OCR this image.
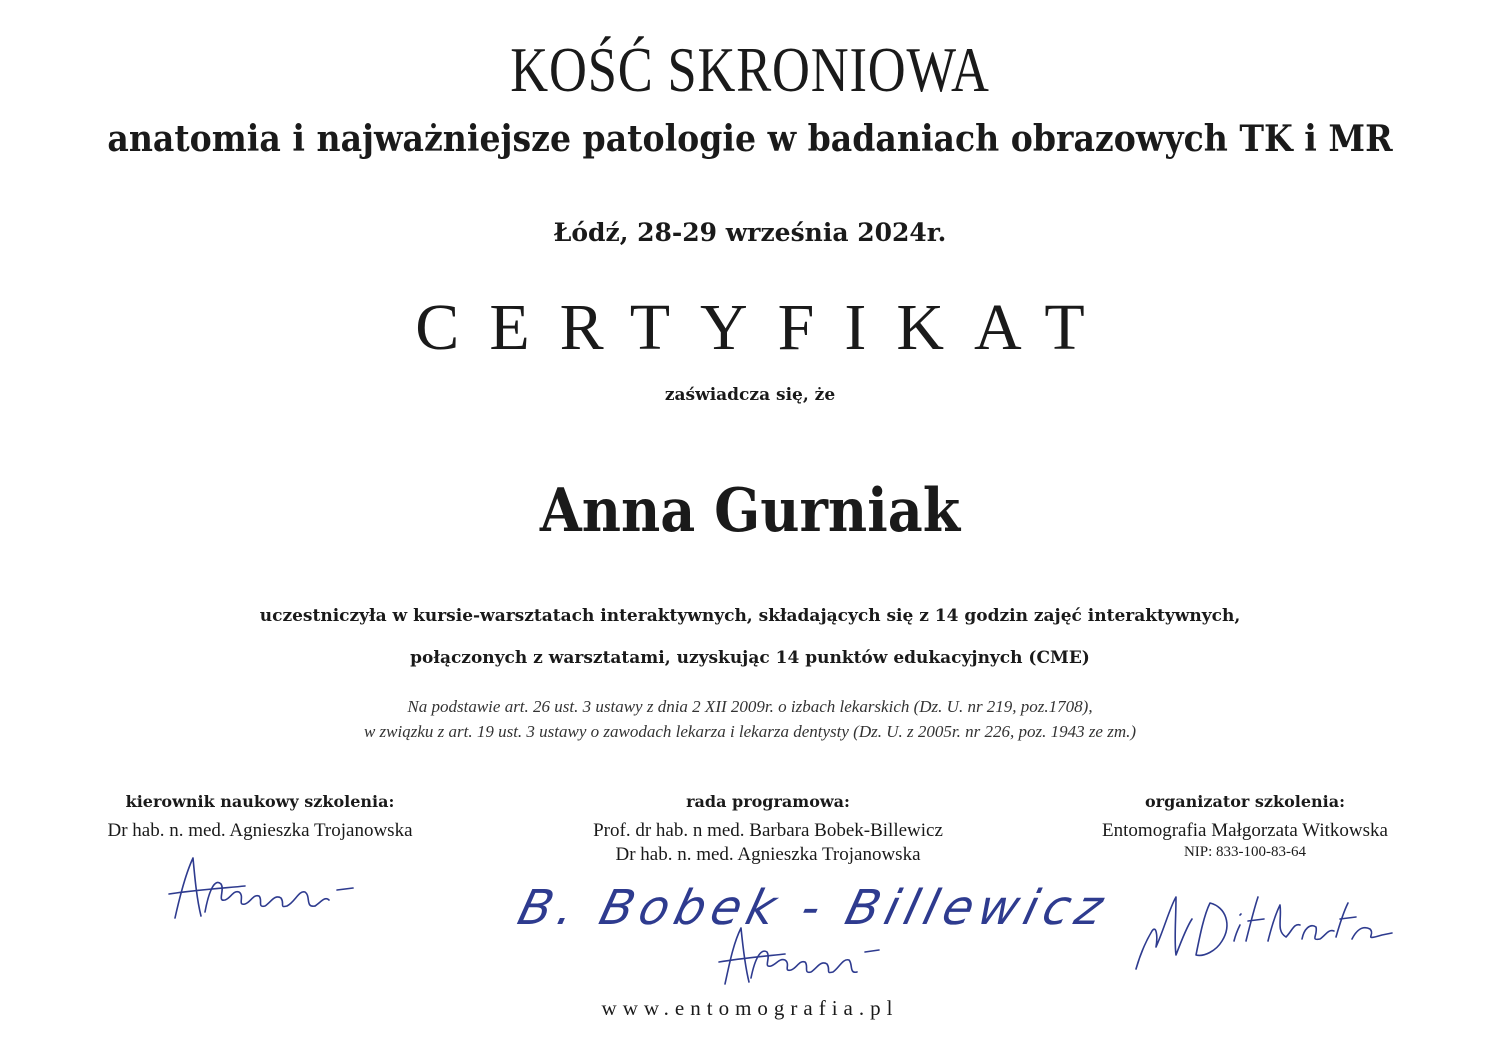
KOŚĆ SKRONIOWA
anatomia i najważniejsze patologie w badaniach obrazowych TK i MR
Łódź, 28-29 września 2024r.
CERTYFIKAT
zaświadcza się, że
Anna Gurniak
uczestniczyła w kursie-warsztatach interaktywnych, składających się z 14 godzin zajęć interaktywnych,
połączonych z warsztatami, uzyskując 14 punktów edukacyjnych (CME)
Na podstawie art. 26 ust. 3 ustawy z dnia 2 XII 2009r. o izbach lekarskich (Dz. U. nr 219, poz.1708),
w związku z art. 19 ust. 3 ustawy o zawodach lekarza i lekarza dentysty (Dz. U. z 2005r. nr 226, poz. 1943 ze zm.)
kierownik naukowy szkolenia:
Dr hab. n. med. Agnieszka Trojanowska
rada programowa:
Prof. dr hab. n med. Barbara Bobek-Billewicz
Dr hab. n. med. Agnieszka Trojanowska
organizator szkolenia:
Entomografia Małgorzata Witkowska
NIP: 833-100-83-64
B. Bobek - Billewicz
www.entomografia.pl
